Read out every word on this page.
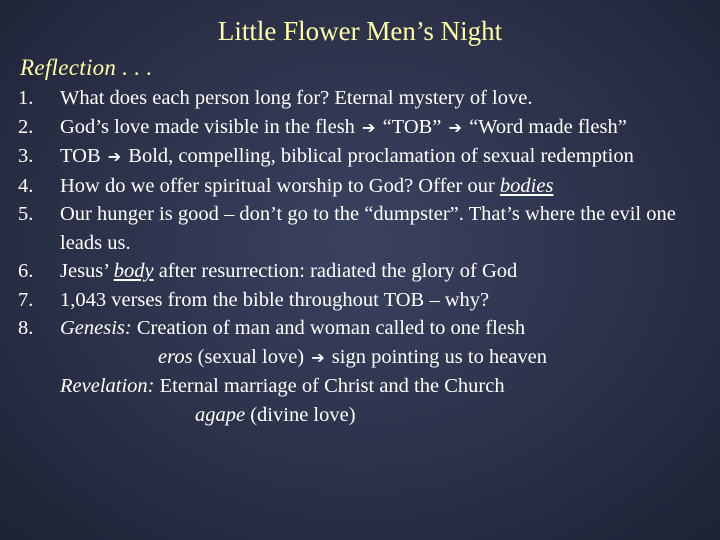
Little Flower Men’s Night
Reflection . . .
1.	What does each person long for? Eternal mystery of love.
2.	God’s love made visible in the flesh ➔ “TOB” ➔ “Word made flesh”
3.	TOB ➔ Bold, compelling, biblical proclamation of sexual redemption
4.	How do we offer spiritual worship to God? Offer our bodies
5.	Our hunger is good – don’t go to the “dumpster”. That’s where the evil one leads us.
6.	Jesus’ body after resurrection: radiated the glory of God
7.	1,043 verses from the bible throughout TOB – why?
8.	Genesis: Creation of man and woman called to one flesh
eros (sexual love) ➔ sign pointing us to heaven
Revelation: Eternal marriage of Christ and the Church
agape (divine love)
